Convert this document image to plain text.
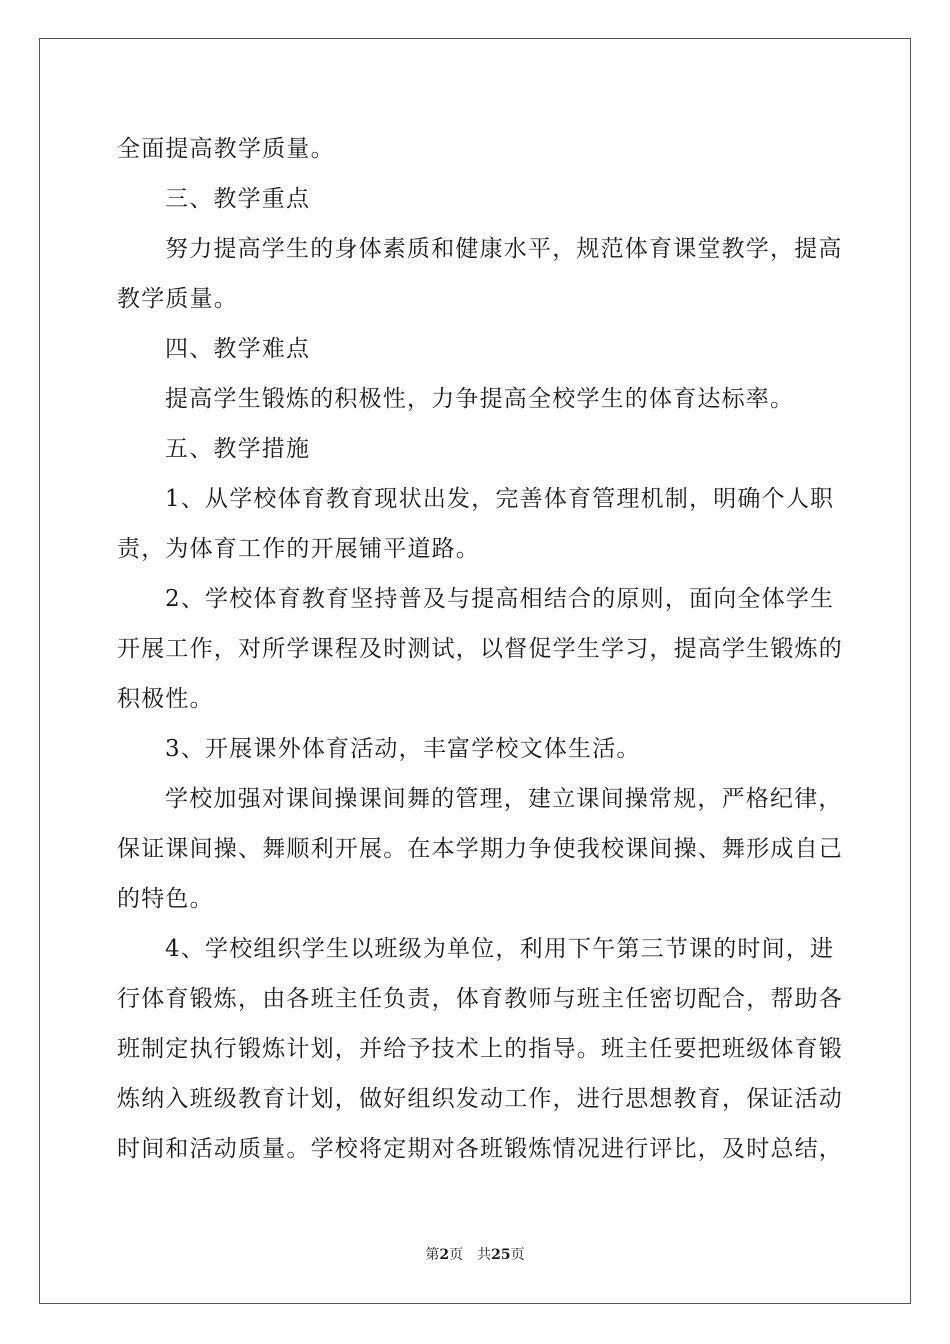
全面提高教学质量。
三、教学重点
努力提高学生的身体素质和健康水平，规范体育课堂教学，提高
教学质量。
四、教学难点
提高学生锻炼的积极性，力争提高全校学生的体育达标率。
五、教学措施
1、从学校体育教育现状出发，完善体育管理机制，明确个人职
责，为体育工作的开展铺平道路。
2、学校体育教育坚持普及与提高相结合的原则，面向全体学生
开展工作，对所学课程及时测试，以督促学生学习，提高学生锻炼的
积极性。
3、开展课外体育活动，丰富学校文体生活。
学校加强对课间操课间舞的管理，建立课间操常规，严格纪律，
保证课间操、舞顺利开展。在本学期力争使我校课间操、舞形成自己
的特色。
4、学校组织学生以班级为单位，利用下午第三节课的时间，进
行体育锻炼，由各班主任负责，体育教师与班主任密切配合，帮助各
班制定执行锻炼计划，并给予技术上的指导。班主任要把班级体育锻
炼纳入班级教育计划，做好组织发动工作，进行思想教育，保证活动
时间和活动质量。学校将定期对各班锻炼情况进行评比，及时总结，
第2页 共25页
